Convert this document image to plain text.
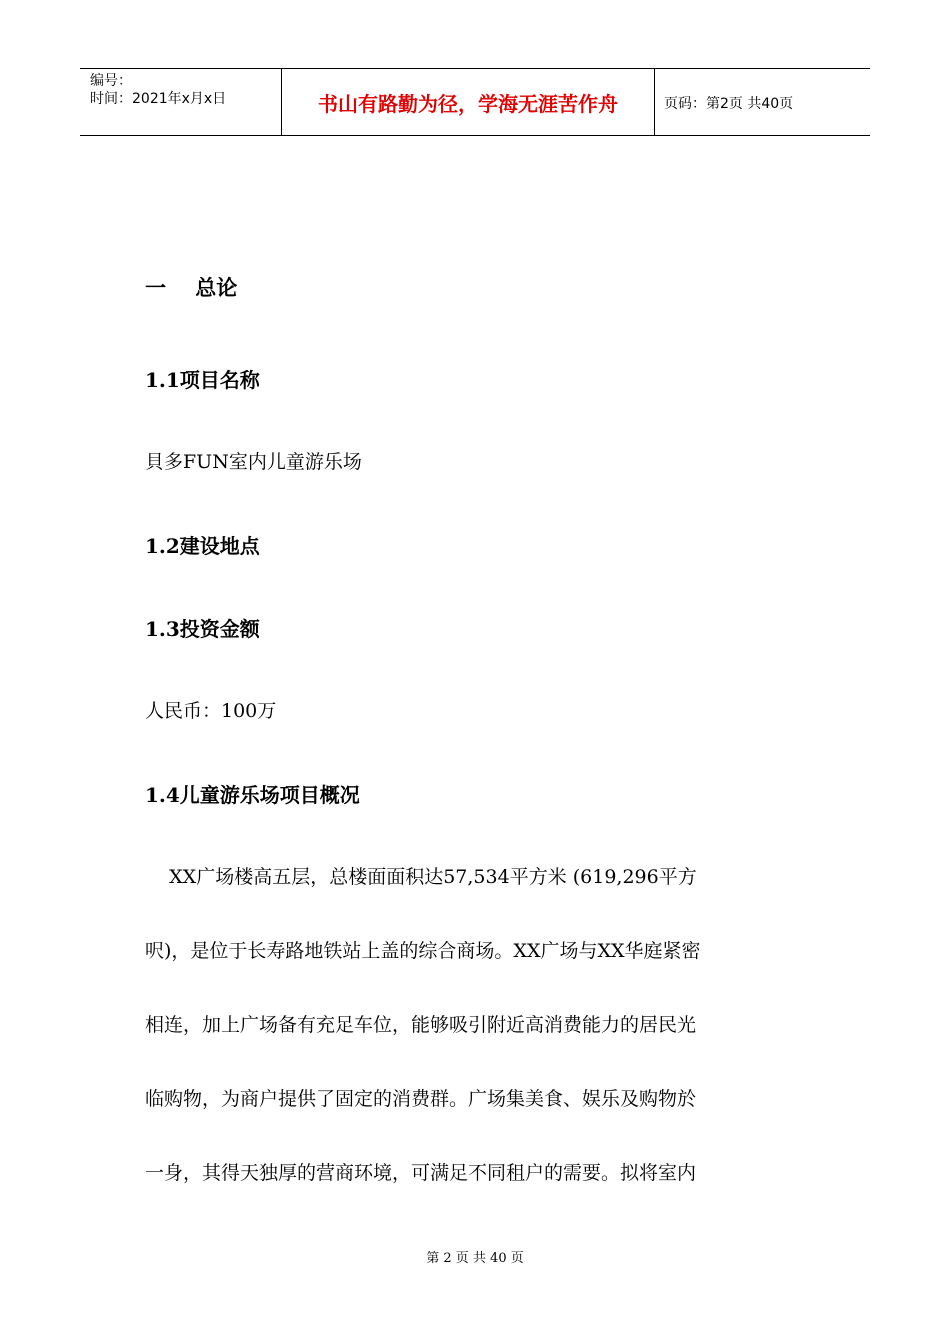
编号：
时间：2021年x月x日	书山有路勤为径，学海无涯苦作舟	页码：第2页 共40页
一    总论
1.1项目名称
貝多FUN室内儿童游乐场
1.2建设地点
1.3投资金额
人民币：100万
1.4儿童游乐场项目概况
XX广场楼高五层，总楼面面积达57,534平方米 (619,296平方
呎)，是位于长寿路地铁站上盖的综合商场。XX广场与XX华庭紧密
相连，加上广场备有充足车位，能够吸引附近高消费能力的居民光
临购物，为商户提供了固定的消费群。广场集美食、娱乐及购物於
一身，其得天独厚的营商环境，可满足不同租户的需要。拟将室内
第 2 页 共 40 页
